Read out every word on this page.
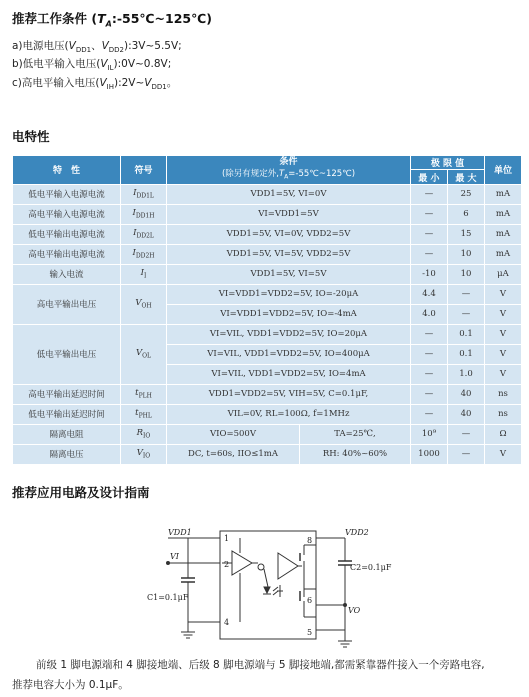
推荐工作条件 $(T_A:-55℃\sim 125℃)$
a)电源电压($V_{DD1}$、$V_{DD2}):3V\sim 5.5V$;
b)低电平输入电压$(V_{IL}):0V\sim 0.8V$;
c)高电平输入电压$(V_{IH}):2V\sim V_{DD1}$。
电特性
特　性	符号	条件
(除另有规定外$,T_A=-55℃\sim 125℃$)	极 限 值		单位
			最 小	最 大	
低电平输入电源电流	$I_{DD1L}$	VDD1=5V, VI=0V	—	25	mA
高电平输入电源电流	$I_{DD1H}$	VI=VDD1=5V	—	6	mA
低电平输出电源电流	$I_{DD2L}$	VDD1=5V, VI=0V, VDD2=5V	—	15	mA
高电平输出电源电流	$I_{DD2H}$	VDD1=5V, VI=5V, VDD2=5V	—	10	mA
输入电流	$I_I$	VDD1=5V, VI=5V	-10	10	μA
高电平输出电压	$V_{OH}$	VI=VDD1=VDD2=5V, IO=-20μA	4.4	—	V
		VI=VDD1=VDD2=5V, IO=-4mA	4.0	—	V
低电平输出电压	$V_{OL}$	VI=VIL, VDD1=VDD2=5V, IO=20μA	—	0.1	V
		VI=VIL, VDD1=VDD2=5V, IO=400μA	—	0.1	V
		VI=VIL, VDD1=VDD2=5V, IO=4mA	—	1.0	V
高电平输出延迟时间	$t_{PLH}$	VDD1=VDD2=5V, VIH=5V, C=0.1μF,	—	40	ns
低电平输出延迟时间	$t_{PHL}$	VIL=0V, RL=100Ω, f=1MHz	—	40	ns
隔离电阻	$R_{IO}$	VIO=500V TA=25℃,	10⁹	—	Ω
隔离电压	$V_{IO}$	DC, t=60s, IIO≤1mA RH: 40%~60%	1000	—	V
推荐应用电路及设计指南
VDD1	VDD2
VI
VO
C1=0.1μF
C2=0.1μF
1
2
4
8
6
5

前级 1 脚电源端和 4 脚接地端、后级 8 脚电源端与 5 脚接地端,都需紧靠器件接入一个旁路电容,

推荐电容大小为 0.1μF。
